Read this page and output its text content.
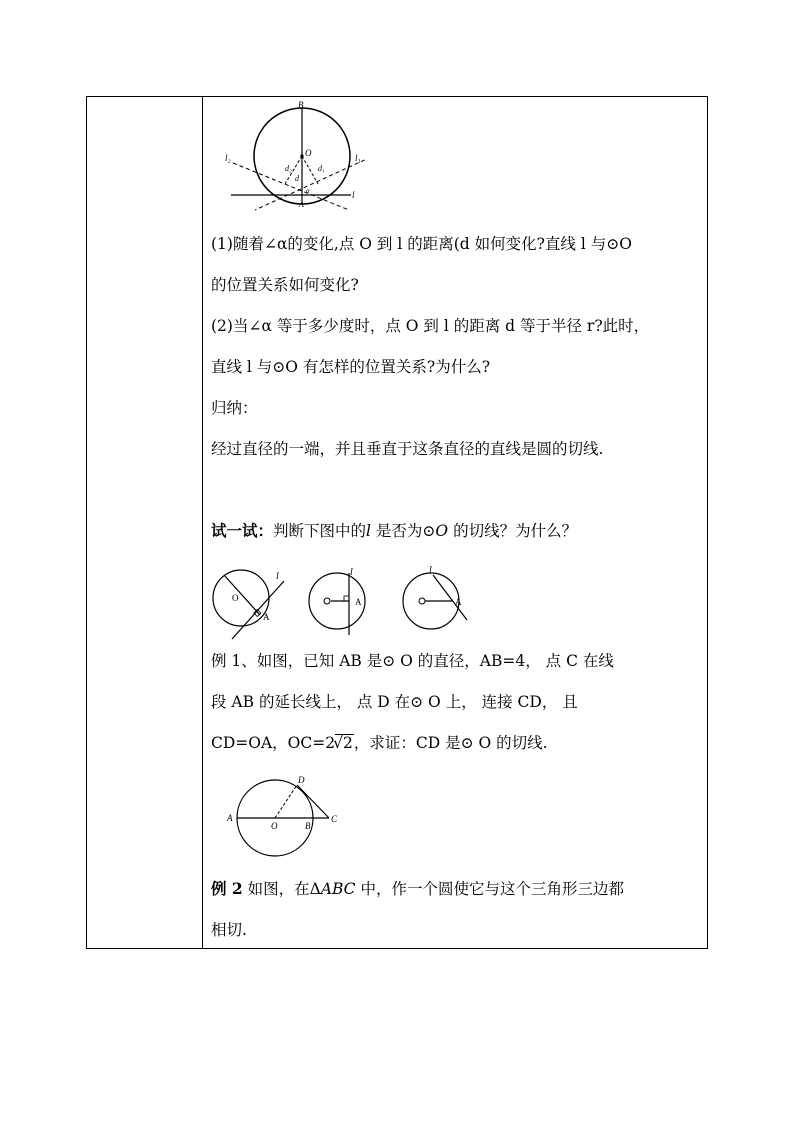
B
O
A
l
l₁
l₂
d₂	d₁
d
α
(1)随着∠α的变化,点 O 到 l 的距离(d 如何变化?直线 l 与⊙O
的位置关系如何变化?
(2)当∠α 等于多少度时，点 O 到 l 的距离 d 等于半径 r?此时，
直线 l 与⊙O 有怎样的位置关系?为什么?
归纳：
经过直径的一端，并且垂直于这条直径的直线是圆的切线.
试一试：判断下图中的l 是否为⊙O 的切线？为什么？
O
A
l
A
l
A
l
例 1、如图，已知 AB 是⊙ O 的直径，AB=4， 点 C 在线
段 AB 的延长线上， 点 D 在⊙ O 上， 连接 CD， 且
CD=OA，OC=2√2，求证：CD 是⊙ O 的切线.
A
O	B
C
D
例 2 如图，在ΔABC 中，作一个圆使它与这个三角形三边都
相切.
